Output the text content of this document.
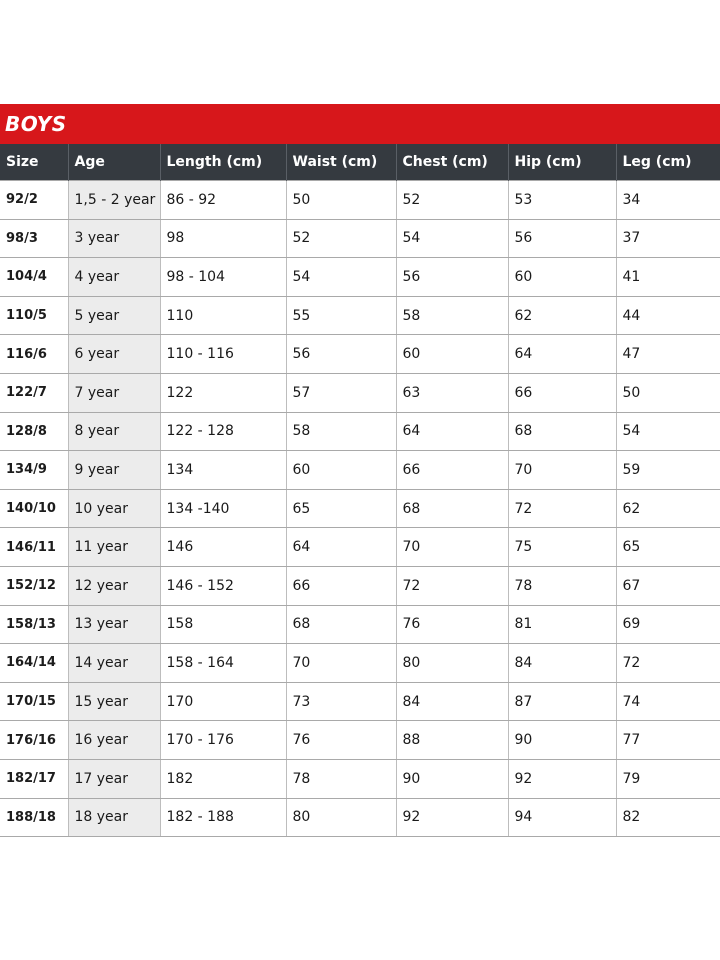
BOYS
Size	Age	Length (cm)	Waist (cm)	Chest (cm)	Hip (cm)	Leg (cm)
92/2	1,5 - 2 year	86 - 92	50	52	53	34
98/3	3 year	98	52	54	56	37
104/4	4 year	98 - 104	54	56	60	41
110/5	5 year	110	55	58	62	44
116/6	6 year	110 - 116	56	60	64	47
122/7	7 year	122	57	63	66	50
128/8	8 year	122 - 128	58	64	68	54
134/9	9 year	134	60	66	70	59
140/10	10 year	134 -140	65	68	72	62
146/11	11 year	146	64	70	75	65
152/12	12 year	146 - 152	66	72	78	67
158/13	13 year	158	68	76	81	69
164/14	14 year	158 - 164	70	80	84	72
170/15	15 year	170	73	84	87	74
176/16	16 year	170 - 176	76	88	90	77
182/17	17 year	182	78	90	92	79
188/18	18 year	182 - 188	80	92	94	82
